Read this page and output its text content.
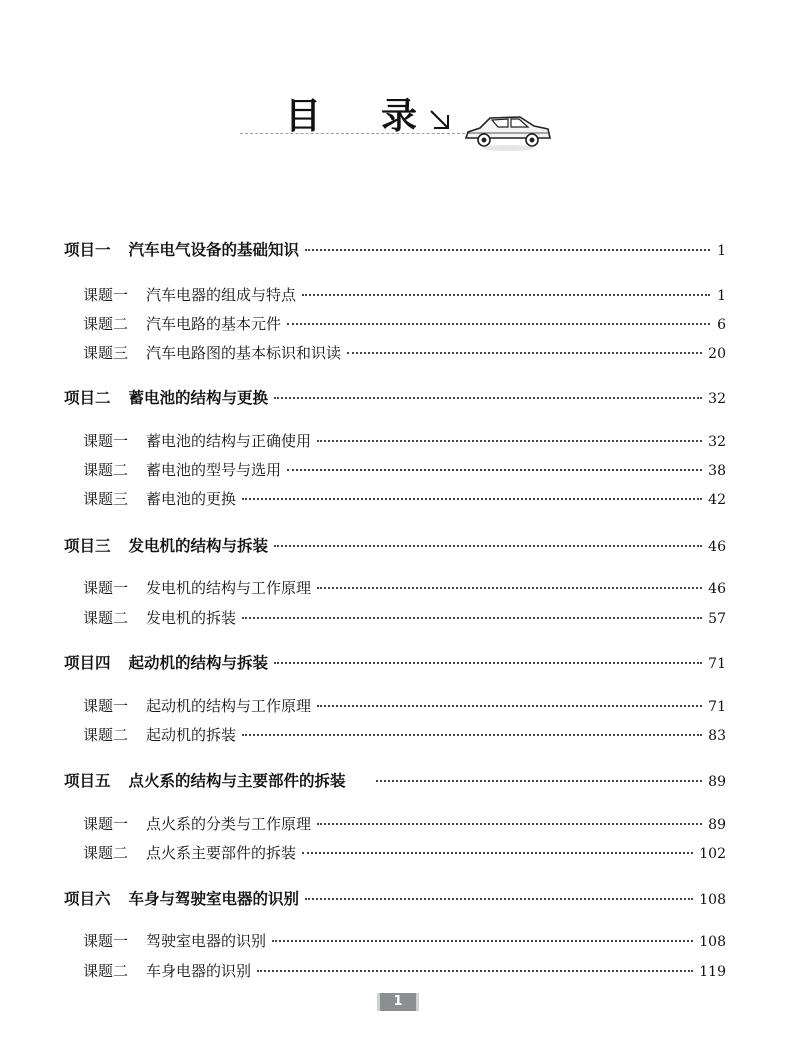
目 录
项目一 汽车电气设备的基础知识	1
课题一 汽车电器的组成与特点	1
课题二 汽车电路的基本元件	6
课题三 汽车电路图的基本标识和识读	20
项目二 蓄电池的结构与更换	32
课题一 蓄电池的结构与正确使用	32
课题二 蓄电池的型号与选用	38
课题三 蓄电池的更换	42
项目三 发电机的结构与拆装	46
课题一 发电机的结构与工作原理	46
课题二 发电机的拆装	57
项目四 起动机的结构与拆装	71
课题一 起动机的结构与工作原理	71
课题二 起动机的拆装	83
项目五 点火系的结构与主要部件的拆装	89
课题一 点火系的分类与工作原理	89
课题二 点火系主要部件的拆装	102
项目六 车身与驾驶室电器的识别	108
课题一 驾驶室电器的识别	108
课题二 车身电器的识别	119
1
